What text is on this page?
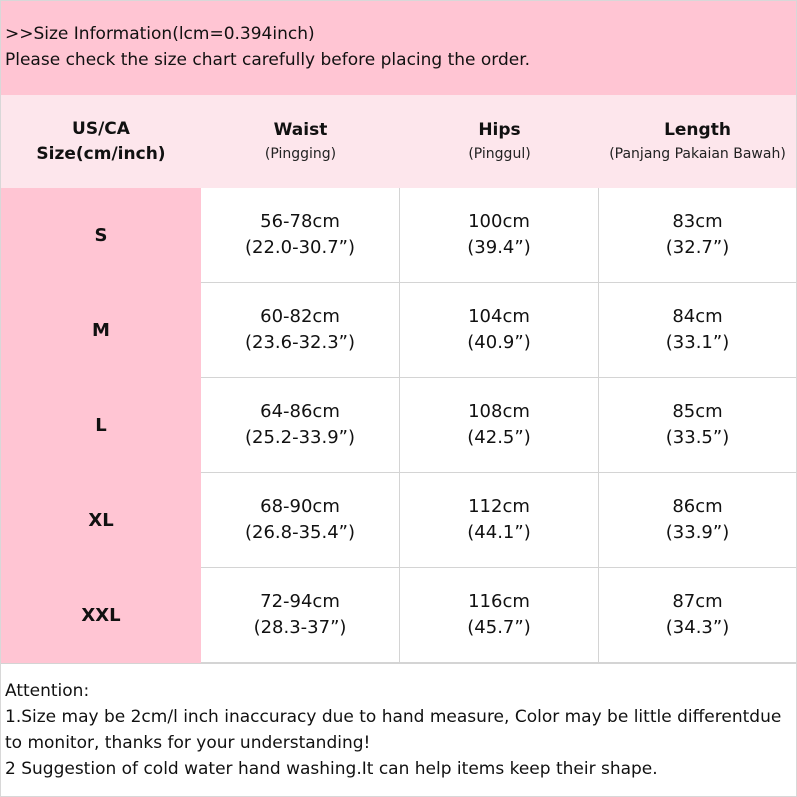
>>Size Information(lcm=0.394inch)
Please check the size chart carefully before placing the order.
US/CA
Size(cm/inch)
Waist
(Pingging)
Hips
(Pinggul)
Length
(Panjang Pakaian Bawah)
S
56-78cm
(22.0-30.7”)
100cm
(39.4”)
83cm
(32.7”)
M
60-82cm
(23.6-32.3”)
104cm
(40.9”)
84cm
(33.1”)
L
64-86cm
(25.2-33.9”)
108cm
(42.5”)
85cm
(33.5”)
XL
68-90cm
(26.8-35.4”)
112cm
(44.1”)
86cm
(33.9”)
XXL
72-94cm
(28.3-37”)
116cm
(45.7”)
87cm
(34.3”)
Attention:
1.Size may be 2cm/l inch inaccuracy due to hand measure, Color may be little differentdue
to monitor, thanks for your understanding!
2 Suggestion of cold water hand washing.It can help items keep their shape.
